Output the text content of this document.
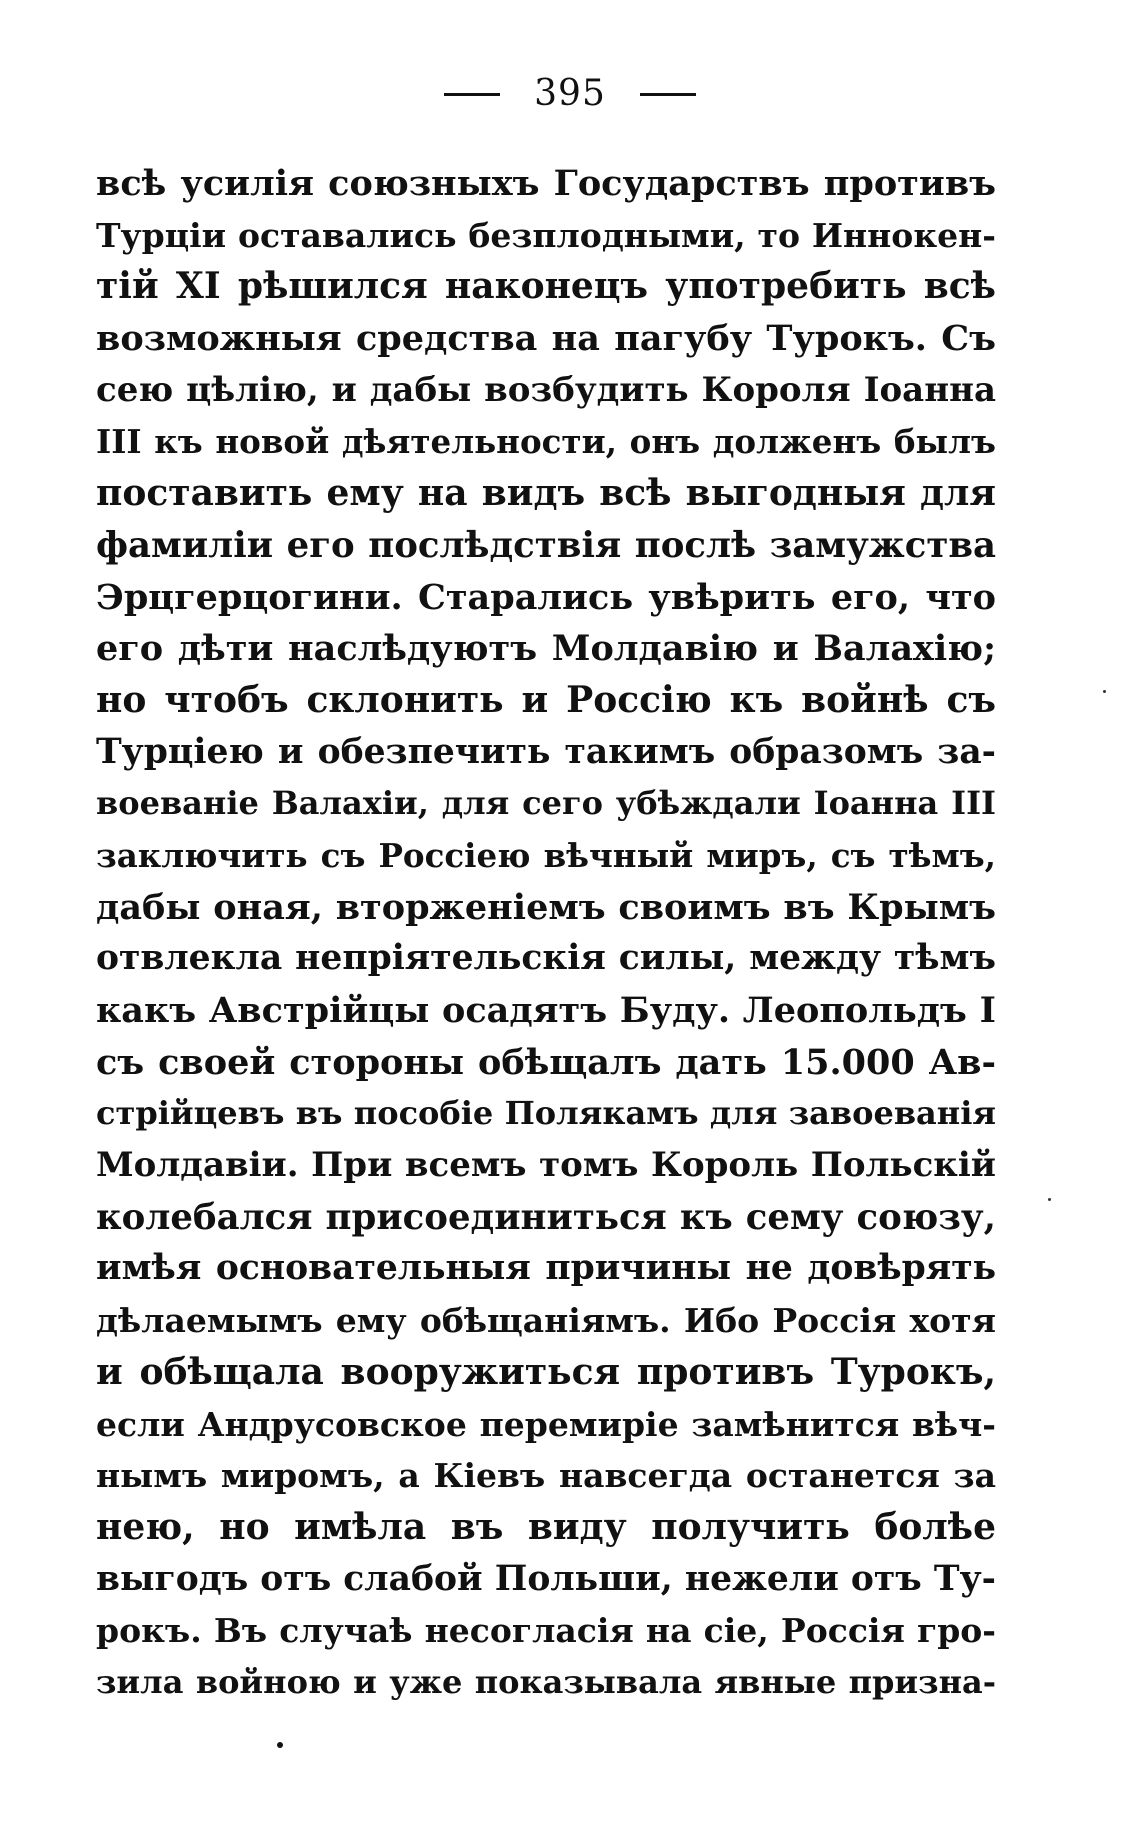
395
всѣ усилія союзныхъ Государствъ противъ
Турціи оставались безплодными, то Иннокен-
тій XI рѣшился наконецъ употребить всѣ
возможныя средства на пагубу Турокъ. Съ
сею цѣлію, и дабы возбудить Короля Іоанна
III къ новой дѣятельности, онъ долженъ былъ
поставить ему на видъ всѣ выгодныя для
фамиліи его послѣдствія послѣ замужства
Эрцгерцогини. Старались увѣрить его, что
его дѣти наслѣдуютъ Молдавію и Валахію;
но чтобъ склонить и Россію къ войнѣ съ
Турціею и обезпечить такимъ образомъ за-
воеваніе Валахіи, для сего убѣждали Іоанна III
заключить съ Россіею вѣчный миръ, съ тѣмъ,
дабы оная, вторженіемъ своимъ въ Крымъ
отвлекла непріятельскія силы, между тѣмъ
какъ Австрійцы осадятъ Буду. Леопольдъ I
съ своей стороны обѣщалъ дать 15.000 Ав-
стрійцевъ въ пособіе Полякамъ для завоеванія
Молдавіи. При всемъ томъ Король Польскій
колебался присоединиться къ сему союзу,
имѣя основательныя причины не довѣрять
дѣлаемымъ ему обѣщаніямъ. Ибо Россія хотя
и обѣщала вооружиться противъ Турокъ,
если Андрусовское перемиріе замѣнится вѣч-
нымъ миромъ, а Кіевъ навсегда останется за
нею, но имѣла въ виду получить болѣе
выгодъ отъ слабой Польши, нежели отъ Ту-
рокъ. Въ случаѣ несогласія на сіе, Россія гро-
зила войною и уже показывала явные призна-
